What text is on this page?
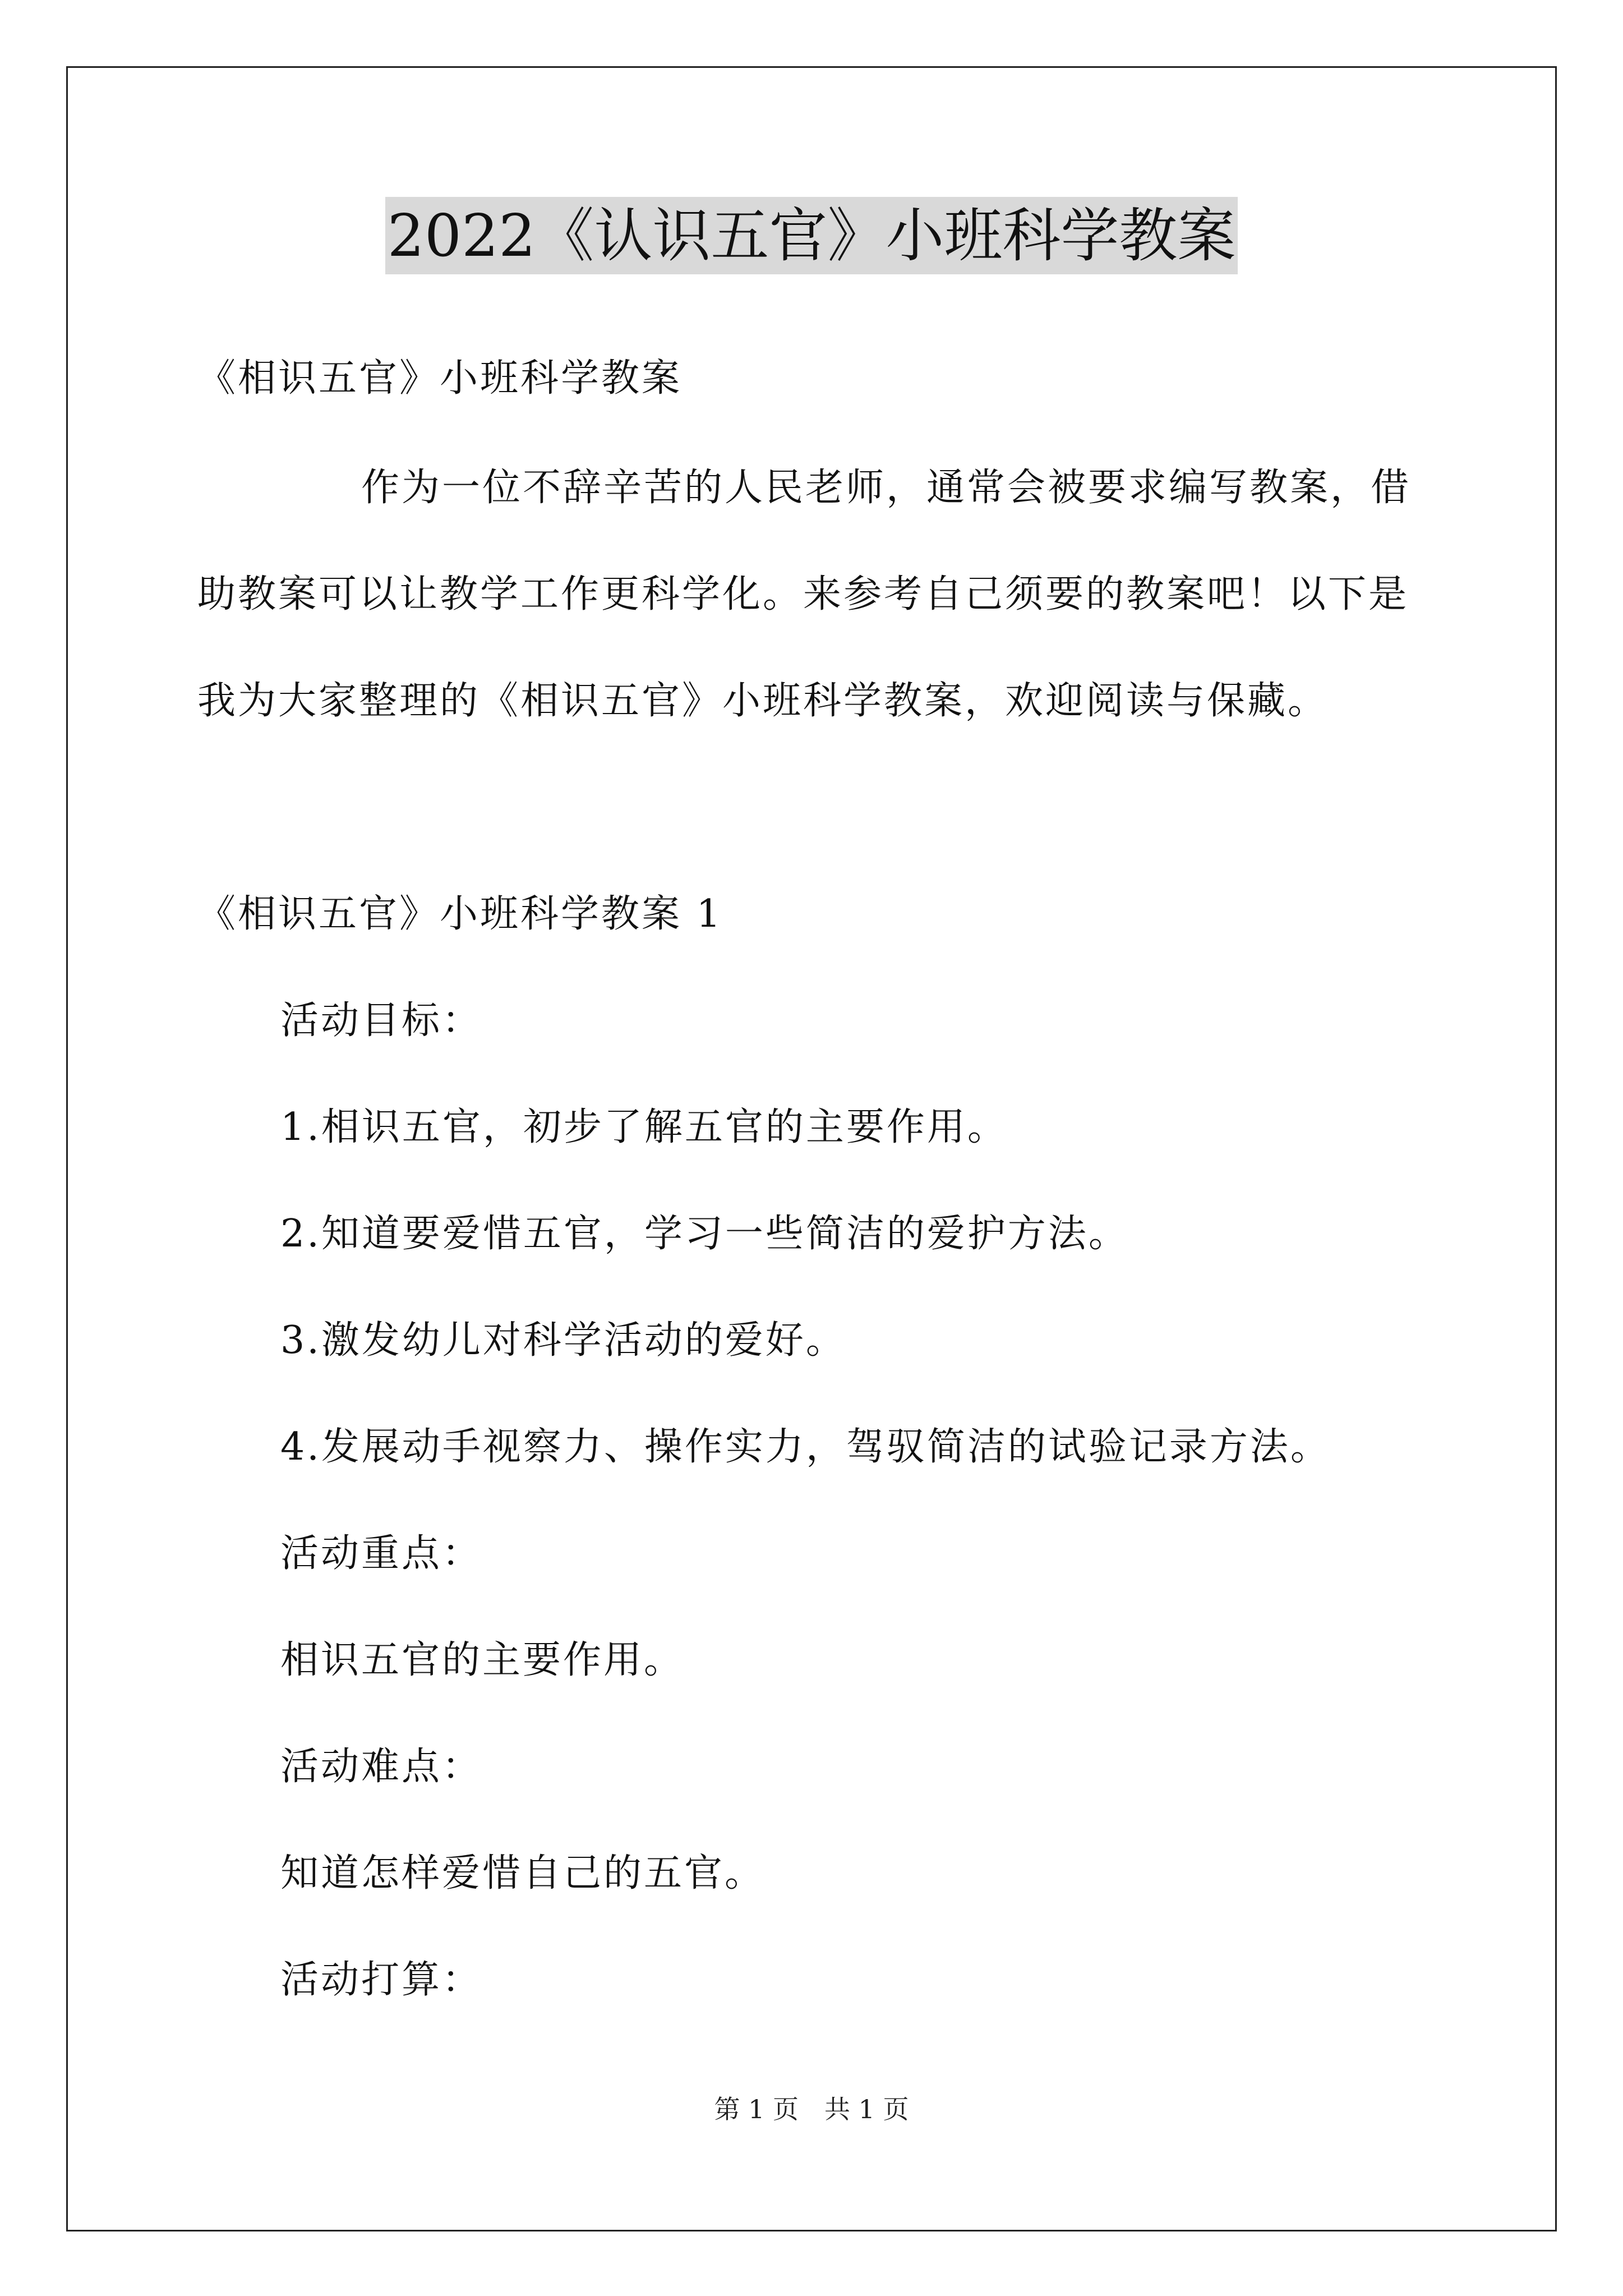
2022《认识五官》小班科学教案
《相识五官》小班科学教案
作为一位不辞辛苦的人民老师，通常会被要求编写教案，借
助教案可以让教学工作更科学化。来参考自己须要的教案吧！以下是
我为大家整理的《相识五官》小班科学教案，欢迎阅读与保藏。
《相识五官》小班科学教案 1
活动目标：
1.相识五官，初步了解五官的主要作用。
2.知道要爱惜五官，学习一些简洁的爱护方法。
3.激发幼儿对科学活动的爱好。
4.发展动手视察力、操作实力，驾驭简洁的试验记录方法。
活动重点：
相识五官的主要作用。
活动难点：
知道怎样爱惜自己的五官。
活动打算：
第 1 页　共 1 页
